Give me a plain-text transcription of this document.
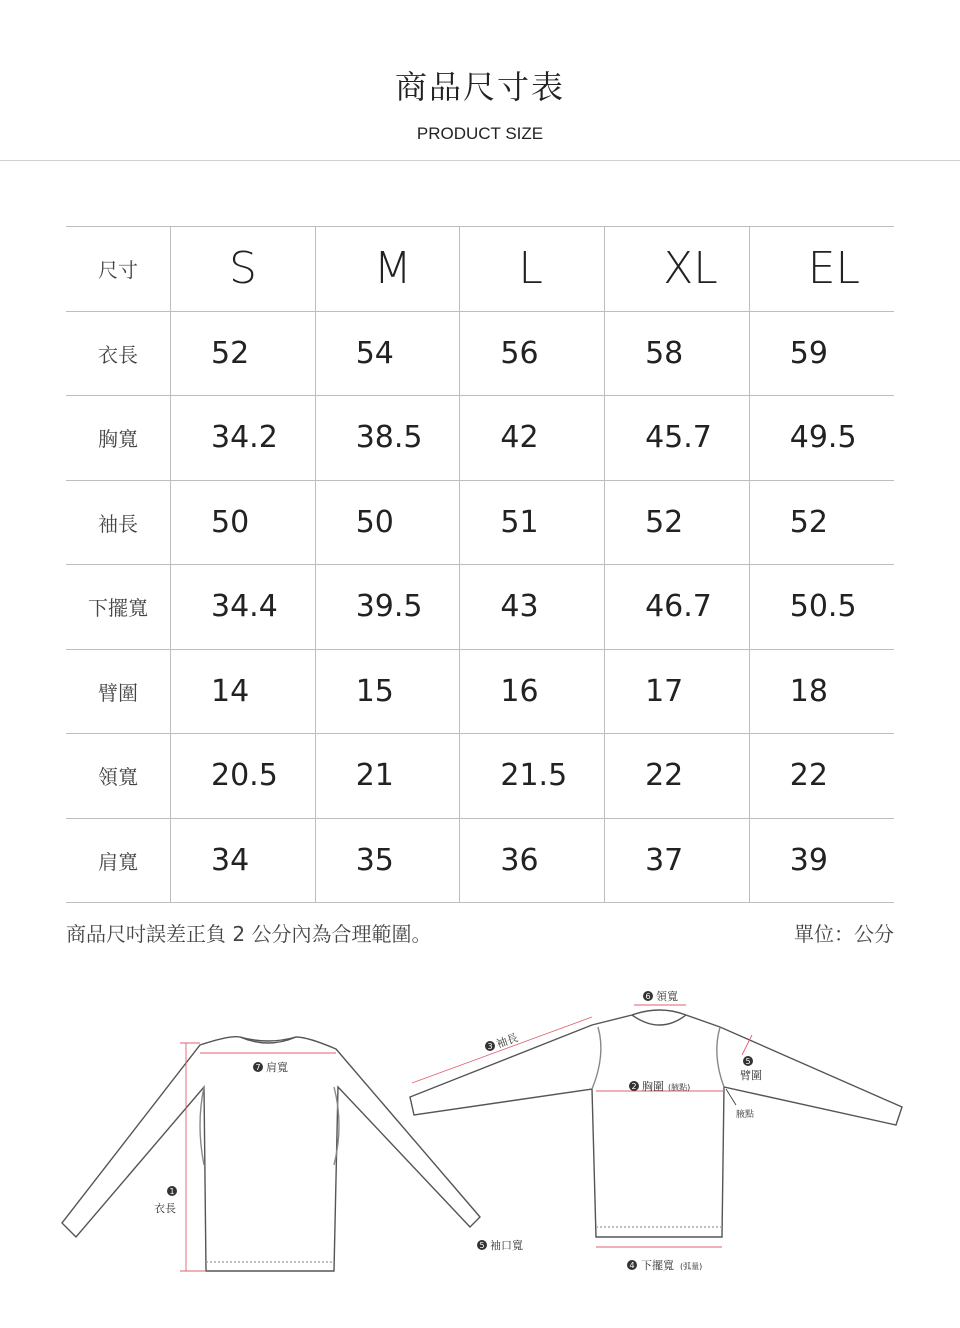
商品尺寸表
PRODUCT SIZE
尺寸	S	M	L	XL	EL
衣長	52	54	56	58	59
胸寬	34.2	38.5	42	45.7	49.5
袖長	50	50	51	52	52
下擺寬	34.4	39.5	43	46.7	50.5
臂圍	14	15	16	17	18
領寬	20.5	21	21.5	22	22
肩寬	34	35	36	37	39
商品尺吋誤差正負 2 公分內為合理範圍。	單位：公分
7 肩寬
1
衣長
5 袖口寬
6 領寬
3 袖長
2 胸圍 (腋點)
5
臂圍
腋點
4 下擺寬 (弧量)
